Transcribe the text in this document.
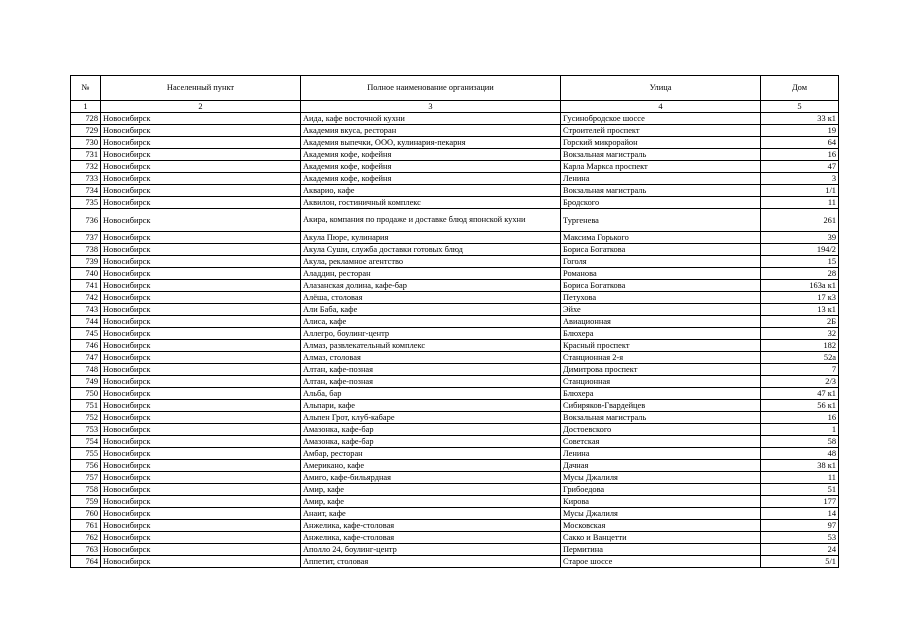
№	Населенный пункт	Полное наименование организации	Улица	Дом
1	2	3	4	5
728	Новосибирск	Аида, кафе восточной кухни	Гусинобродское шоссе	33 к1
729	Новосибирск	Академия вкуса, ресторан	Строителей проспект	19
730	Новосибирск	Академия выпечки, ООО, кулинария-пекарня	Горский микрорайон	64
731	Новосибирск	Академия кофе, кофейня	Вокзальная магистраль	16
732	Новосибирск	Академия кофе, кофейня	Карла Маркса проспект	47
733	Новосибирск	Академия кофе, кофейня	Ленина	3
734	Новосибирск	Акварио, кафе	Вокзальная магистраль	1/1
735	Новосибирск	Аквилон, гостиничный комплекс	Бродского	11
736	Новосибирск	Акира, компания по продаже и доставке блюд японской кухни	Тургенева	261
737	Новосибирск	Акула Пюре, кулинария	Максима Горького	39
738	Новосибирск	Акула Суши, служба доставки готовых блюд	Бориса Богаткова	194/2
739	Новосибирск	Акула, рекламное агентство	Гоголя	15
740	Новосибирск	Аладдин, ресторан	Романова	28
741	Новосибирск	Алазанская долина, кафе-бар	Бориса Богаткова	163а к1
742	Новосибирск	Алёша, столовая	Петухова	17 к3
743	Новосибирск	Али Баба, кафе	Эйхе	13 к1
744	Новосибирск	Алиса, кафе	Авиационная	2Б
745	Новосибирск	Аллегро, боулинг-центр	Блюхера	32
746	Новосибирск	Алмаз, развлекательный комплекс	Красный проспект	182
747	Новосибирск	Алмаз, столовая	Станционная 2-я	52а
748	Новосибирск	Алтан, кафе-позная	Димитрова проспект	7
749	Новосибирск	Алтан, кафе-позная	Станционная	2/3
750	Новосибирск	Альба, бар	Блюхера	47 к1
751	Новосибирск	Альпари, кафе	Сибиряков-Гвардейцев	56 к1
752	Новосибирск	Альпен Грот, клуб-кабаре	Вокзальная магистраль	16
753	Новосибирск	Амазонка, кафе-бар	Достоевского	1
754	Новосибирск	Амазонка, кафе-бар	Советская	58
755	Новосибирск	Амбар, ресторан	Ленина	48
756	Новосибирск	Американо, кафе	Дачная	38 к1
757	Новосибирск	Амиго, кафе-бильярдная	Мусы Джалиля	11
758	Новосибирск	Амир, кафе	Грибоедова	51
759	Новосибирск	Амир, кафе	Кирова	177
760	Новосибирск	Анаит, кафе	Мусы Джалиля	14
761	Новосибирск	Анжелика, кафе-столовая	Московская	97
762	Новосибирск	Анжелика, кафе-столовая	Сакко и Ванцетти	53
763	Новосибирск	Аполло 24, боулинг-центр	Пермитина	24
764	Новосибирск	Аппетит, столовая	Старое шоссе	5/1
